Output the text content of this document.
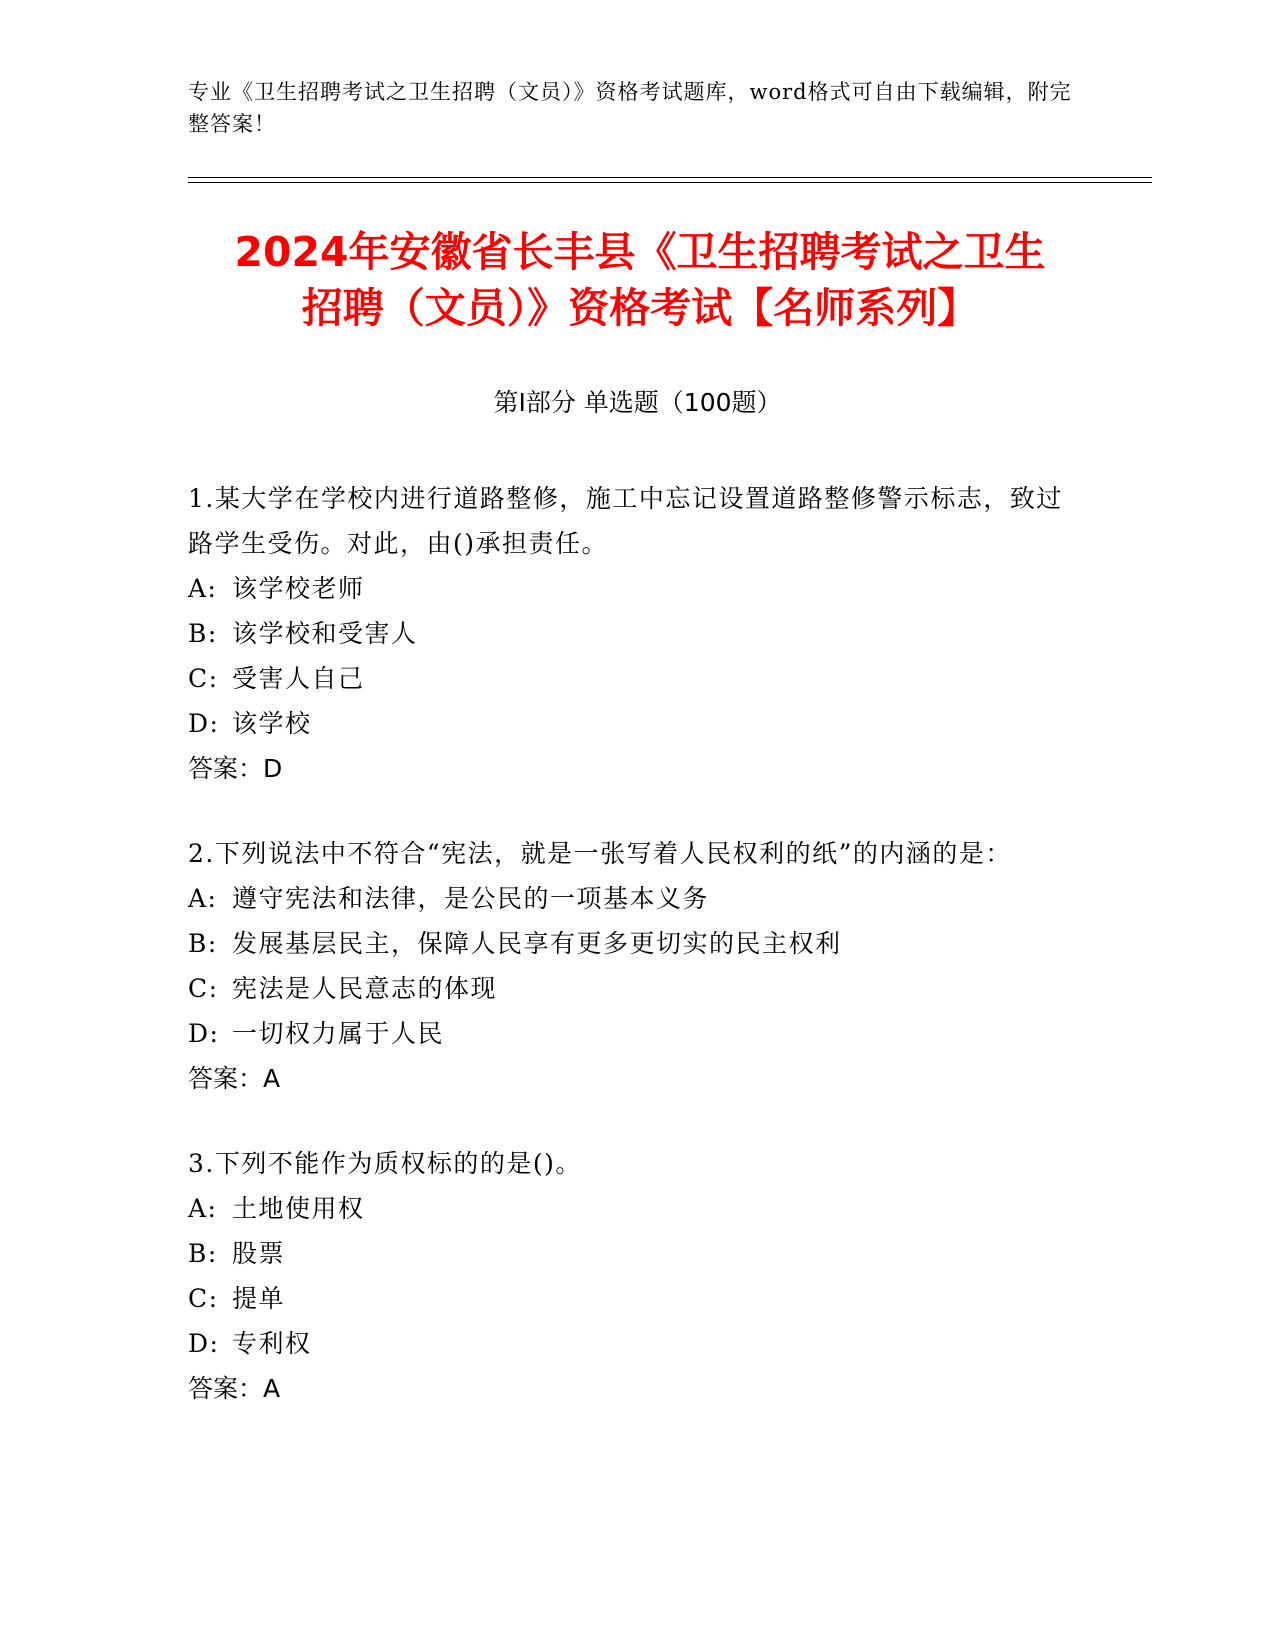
专业《卫生招聘考试之卫生招聘（文员）》资格考试题库，word格式可自由下载编辑，附完整答案！
2024年安徽省长丰县《卫生招聘考试之卫生
招聘（文员）》资格考试【名师系列】
第Ⅰ部分 单选题（100题）
1.某大学在学校内进行道路整修，施工中忘记设置道路整修警示标志，致过路学生受伤。对此，由()承担责任。
A: 该学校老师
B: 该学校和受害人
C: 受害人自己
D: 该学校
答案：D
2.下列说法中不符合“宪法，就是一张写着人民权利的纸”的内涵的是：
A: 遵守宪法和法律，是公民的一项基本义务
B: 发展基层民主，保障人民享有更多更切实的民主权利
C: 宪法是人民意志的体现
D: 一切权力属于人民
答案：A
3.下列不能作为质权标的的是()。
A: 土地使用权
B: 股票
C: 提单
D: 专利权
答案：A
